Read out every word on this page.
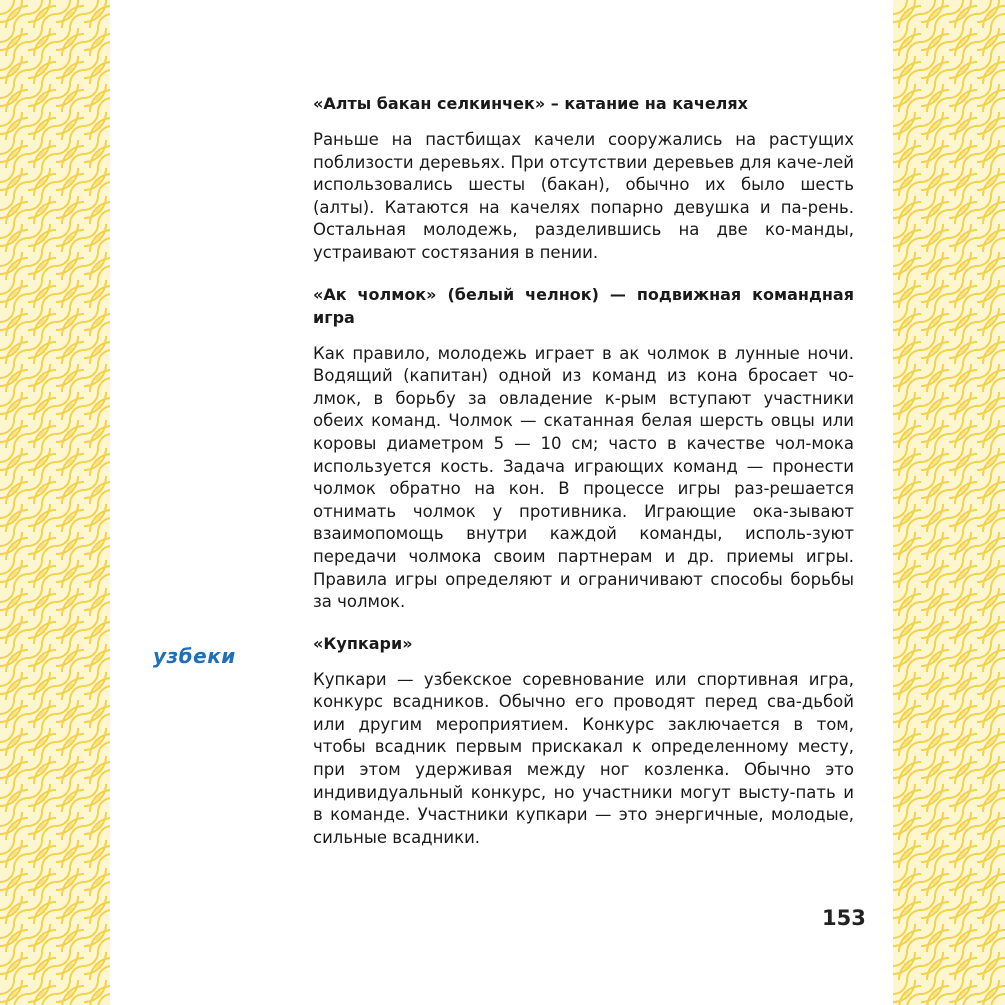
узбеки
«Алты бакан селкинчек» – катание на качелях

Раньше на пастбищах качели сооружались на растущих поблизости деревьях. При отсутствии деревьев для каче-лей использовались шесты (бакан), обычно их было шесть (алты). Катаются на качелях попарно девушка и па-рень. Остальная молодежь, разделившись на две ко-манды, устраивают состязания в пении.

«Ак чолмок» (белый челнок) — подвижная командная игра

Как правило, молодежь играет в ак чолмок в лунные ночи. Водящий (капитан) одной из команд из кона бросает чо-лмок, в борьбу за овладение к-рым вступают участники обеих команд. Чолмок — скатанная белая шерсть овцы или коровы диаметром 5 — 10 см; часто в качестве чол-мока используется кость. Задача играющих команд — пронести чолмок обратно на кон. В процессе игры раз-решается отнимать чолмок у противника. Играющие ока-зывают взаимопомощь внутри каждой команды, исполь-зуют передачи чолмока своим партнерам и др. приемы игры. Правила игры определяют и ограничивают способы борьбы за чолмок.

«Купкари»

Купкари — узбекское соревнование или спортивная игра, конкурс всадников. Обычно его проводят перед сва-дьбой или другим мероприятием. Конкурс заключается в том, чтобы всадник первым прискакал к определенному месту, при этом удерживая между ног козленка. Обычно это индивидуальный конкурс, но участники могут высту-пать и в команде. Участники купкари — это энергичные, молодые, сильные всадники.

153
